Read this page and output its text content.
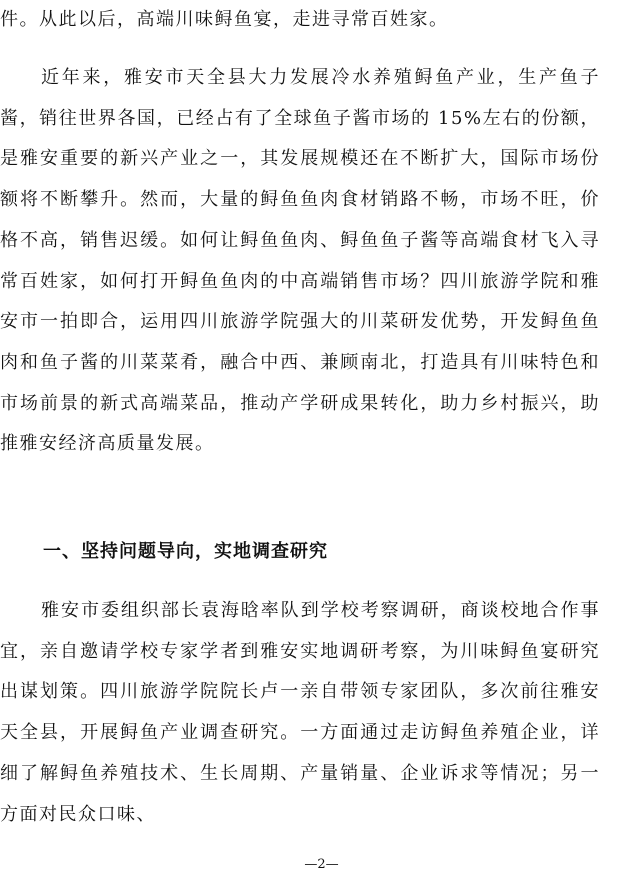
件。从此以后，高端川味鲟鱼宴，走进寻常百姓家。

近年来，雅安市天全县大力发展冷水养殖鲟鱼产业，生产鱼子酱，销往世界各国，已经占有了全球鱼子酱市场的 15%左右的份额，是雅安重要的新兴产业之一，其发展规模还在不断扩大，国际市场份额将不断攀升。然而，大量的鲟鱼鱼肉食材销路不畅，市场不旺，价格不高，销售迟缓。如何让鲟鱼鱼肉、鲟鱼鱼子酱等高端食材飞入寻常百姓家，如何打开鲟鱼鱼肉的中高端销售市场？四川旅游学院和雅安市一拍即合，运用四川旅游学院强大的川菜研发优势，开发鲟鱼鱼肉和鱼子酱的川菜菜肴，融合中西、兼顾南北，打造具有川味特色和市场前景的新式高端菜品，推动产学研成果转化，助力乡村振兴，助推雅安经济高质量发展。

一、坚持问题导向，实地调查研究

雅安市委组织部长袁海晗率队到学校考察调研，商谈校地合作事宜，亲自邀请学校专家学者到雅安实地调研考察，为川味鲟鱼宴研究出谋划策。四川旅游学院院长卢一亲自带领专家团队，多次前往雅安天全县，开展鲟鱼产业调查研究。一方面通过走访鲟鱼养殖企业，详细了解鲟鱼养殖技术、生长周期、产量销量、企业诉求等情况；另一方面对民众口味、

—2—
